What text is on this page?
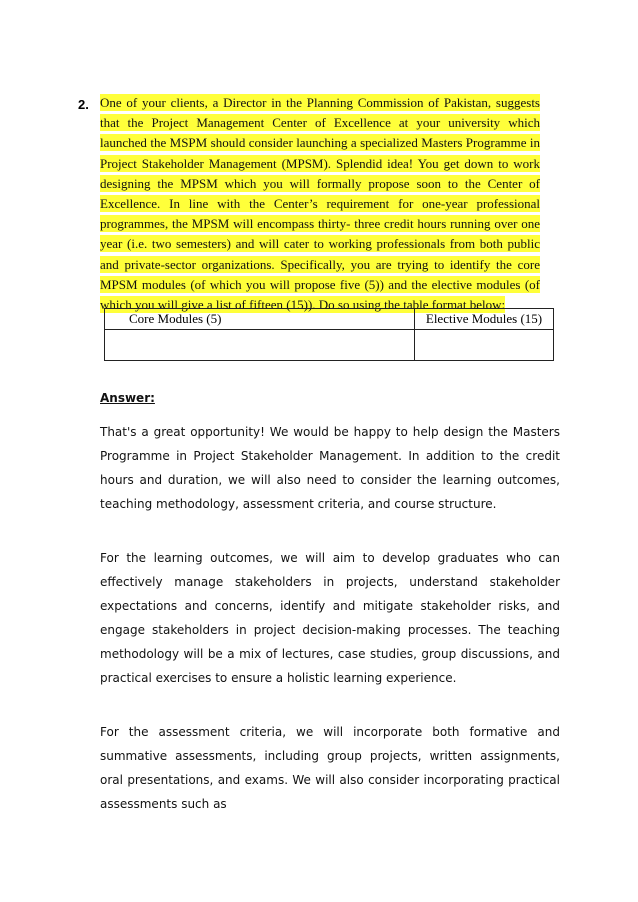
2. One of your clients, a Director in the Planning Commission of Pakistan, suggests that the Project Management Center of Excellence at your university which launched the MSPM should consider launching a specialized Masters Programme in Project Stakeholder Management (MPSM). Splendid idea! You get down to work designing the MPSM which you will formally propose soon to the Center of Excellence. In line with the Center’s requirement for one-year professional programmes, the MPSM will encompass thirty- three credit hours running over one year (i.e. two semesters) and will cater to working professionals from both public and private-sector organizations. Specifically, you are trying to identify the core MPSM modules (of which you will propose five (5)) and the elective modules (of which you will give a list of fifteen (15)). Do so using the table format below:
Core Modules (5)	Elective Modules (15)

Answer:

That's a great opportunity! We would be happy to help design the Masters Programme in Project Stakeholder Management. In addition to the credit hours and duration, we will also need to consider the learning outcomes, teaching methodology, assessment criteria, and course structure.

For the learning outcomes, we will aim to develop graduates who can effectively manage stakeholders in projects, understand stakeholder expectations and concerns, identify and mitigate stakeholder risks, and engage stakeholders in project decision-making processes. The teaching methodology will be a mix of lectures, case studies, group discussions, and practical exercises to ensure a holistic learning experience.

For the assessment criteria, we will incorporate both formative and summative assessments, including group projects, written assignments, oral presentations, and exams. We will also consider incorporating practical assessments such as
